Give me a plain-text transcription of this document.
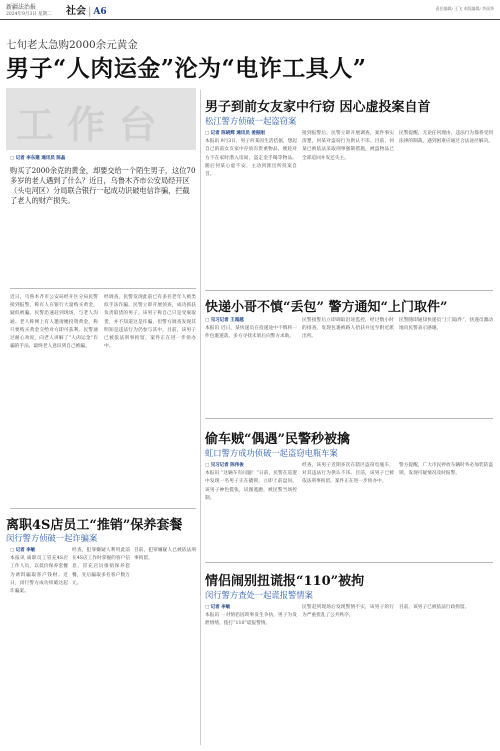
新疆法治报
2024年9月3日 星期二 社会 | A6	责任编辑/ 王飞 本版编辑/ 李国华
七旬老太急购2000余元黄金
男子“人肉运金”沦为“电诈工具人”
工 作 台
□ 记者 李东建 通讯员 陈晶

购买了2000余克的黄金，却要交给一个陌生男子，这位70多岁的老人遇到了什么？近日，乌鲁木齐市公安局经开区（头屯河区）分局联合银行一起成功识破电信诈骗，拦截了老人的财产损失。

近日，乌鲁木齐市公安局经开区分局民警接到报警，称有人在银行大量购买黄金，疑似被骗。民警迅速赶到现场，与老人沟通。老人称网上有人邀请她投资黄金，称只要购买黄金交给对方即可获利。民警通过耐心劝说，向老人讲解了“人肉运金”诈骗的手法，最终老人意识到自己被骗。
经调查，民警发现此前已有多名老年人被类似手法诈骗。民警立即开展侦查，成功抓获负责取货的男子。该男子称自己只是受雇取货，并不知道这是诈骗，但警方调查发现其明知是违法行为仍参与其中。目前，该男子已被依法刑事拘留，案件正在进一步侦办中。
男子到前女友家中行窃 因心虚投案自首
松江警方侦破一起盗窃案
□ 记者 陈晓辉 通讯员 姜振刚
本报讯 9月3日，男子何某因生活拮据，想起自己的前女友家中存放有贵重物品，便趁对方不在家时潜入房间，盗走金手镯等物品。随后何某心虚不安，主动到派出所投案自首。
接到报警后，民警立即开展调查，案件事实清楚，何某对盗窃行为供认不讳。目前，何某已被依法采取刑事强制措施，被盗物品已全部追回并发还失主。
民警提醒，无论任何理由，违法行为都将受到法律的制裁，遇到困难应通过合法途径解决。
快递小哥不慎“丢包” 警方通知“上门取件”
□ 见习记者 王超越
本报讯 近日，某快递员在投递途中不慎将一件包裹遗落，多方寻找未果后向警方求助。
民警接警后立即调取沿途监控，经过数小时的排查，发现包裹被路人拾获并送至附近派出所。
民警随即通知快递员“上门取件”，快递员激动地向民警表示感谢。
偷车贼“偶遇”民警秒被擒
虹口警方成功侦破一起盗窃电瓶车案
□ 见习记者 陈伟俊
本报讯 “这辆车有问题！”日前，民警在巡逻中发现一名男子正在撬锁，立即上前盘问，该男子神色慌张，试图逃跑，被民警当场控制。
经查，该男子近期多次在辖区盗窃电瓶车，对其违法行为供认不讳。目前，该男子已被依法刑事拘留，案件正在进一步侦办中。
警方提醒，广大市民停放车辆时务必加装防盗锁，发现可疑情况及时报警。
离职4S店员工“推销”保养套餐
闵行警方侦破一起诈骗案
□ 记者 李敏
本报讯 离职员工冒充4S店工作人员，以低价保养套餐为诱饵骗取客户钱财。近日，闵行警方成功侦破这起诈骗案。
经查，犯罪嫌疑人利用此前在4S店工作时掌握的客户信息，冒充店员推销保养套餐，先后骗取多名客户数万元。
目前，犯罪嫌疑人已被依法刑事拘留。
情侣闹别扭谎报“110”被拘
闵行警方查处一起谎报警情案
□ 记者 李敏
本报讯 一对情侣因琐事发生争执，男子为发泄情绪，拨打“110”谎报警情。
民警赶到现场后发现警情不实，该男子的行为严重扰乱了公共秩序。
目前，该男子已被依法行政拘留。
